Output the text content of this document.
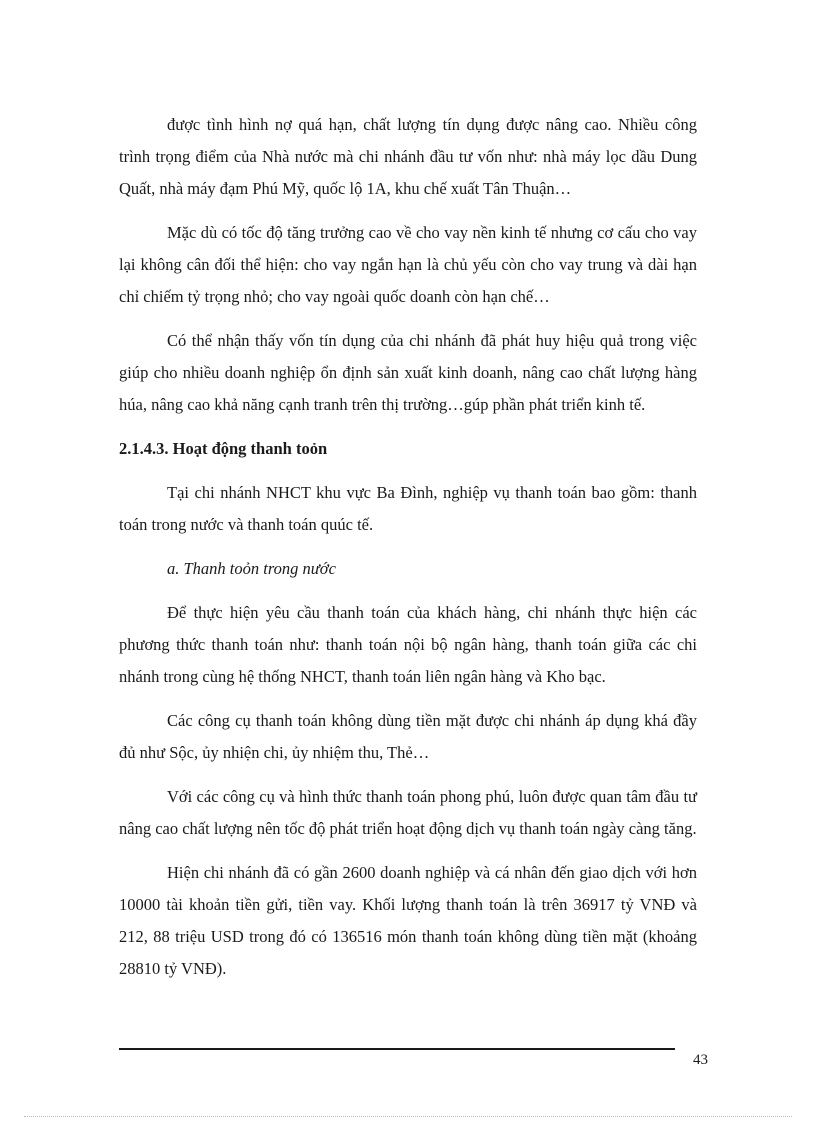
được tình hình nợ quá hạn, chất lượng tín dụng được nâng cao. Nhiều công trình trọng điểm của Nhà nước mà chi nhánh đầu tư vốn như: nhà máy lọc dầu Dung Quất, nhà máy đạm Phú Mỹ, quốc lộ 1A, khu chế xuất Tân Thuận…

Mặc dù có tốc độ tăng trưởng cao về cho vay nền kinh tế nhưng cơ cấu cho vay lại không cân đối thể hiện: cho vay ngắn hạn là chủ yếu còn cho vay trung và dài hạn chỉ chiếm tỷ trọng nhỏ; cho vay ngoài quốc doanh còn hạn chế…

Có thể nhận thấy vốn tín dụng của chi nhánh đã phát huy hiệu quả trong việc giúp cho nhiều doanh nghiệp ổn định sản xuất kinh doanh, nâng cao chất lượng hàng húa, nâng cao khả năng cạnh tranh trên thị trường…gúp phần phát triển kinh tế.

2.1.4.3. Hoạt động thanh toỏn

Tại chi nhánh NHCT khu vực Ba Đình, nghiệp vụ thanh toán bao gồm: thanh toán trong nước và thanh toán quúc tế.

a. Thanh toỏn trong nước

Để thực hiện yêu cầu thanh toán của khách hàng, chi nhánh thực hiện các phương thức thanh toán như: thanh toán nội bộ ngân hàng, thanh toán giữa các chi nhánh trong cùng hệ thống NHCT, thanh toán liên ngân hàng và Kho bạc.

Các công cụ thanh toán không dùng tiền mặt được chi nhánh áp dụng khá đầy đủ như Sộc, ủy nhiện chi, ủy nhiệm thu, Thẻ…

Với các công cụ và hình thức thanh toán phong phú, luôn được quan tâm đầu tư nâng cao chất lượng nên tốc độ phát triển hoạt động dịch vụ thanh toán ngày càng tăng.

Hiện chi nhánh đã có gần 2600 doanh nghiệp và cá nhân đến giao dịch với hơn 10000 tài khoản tiền gửi, tiền vay. Khối lượng thanh toán là trên 36917 tỷ VNĐ và 212, 88 triệu USD trong đó có 136516 món thanh toán không dùng tiền mặt (khoảng 28810 tỷ VNĐ).

43
